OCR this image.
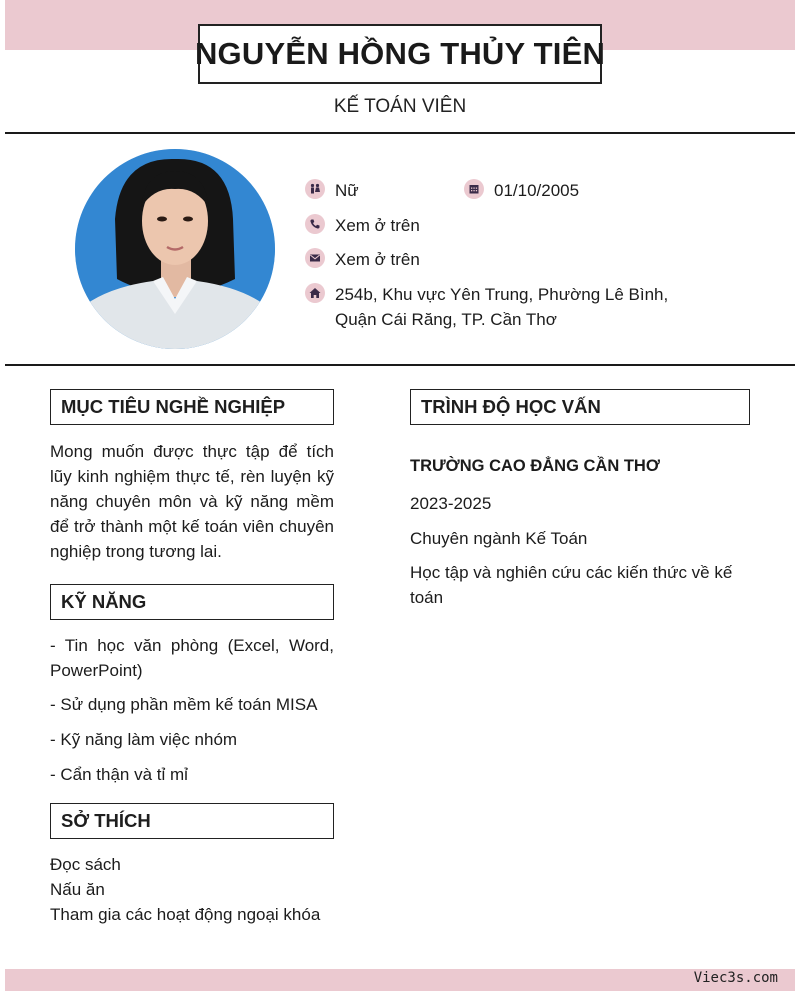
NGUYỄN HỒNG THỦY TIÊN
KẾ TOÁN VIÊN
Nữ	01/10/2005
Xem ở trên
Xem ở trên
254b, Khu vực Yên Trung, Phường Lê Bình,
Quận Cái Răng, TP. Cần Thơ
MỤC TIÊU NGHỀ NGHIỆP
Mong muốn được thực tập để tích lũy kinh nghiệm thực tế, rèn luyện kỹ năng chuyên môn và kỹ năng mềm để trở thành một kế toán viên chuyên nghiệp trong tương lai.
KỸ NĂNG
- Tin học văn phòng (Excel, Word, PowerPoint)
- Sử dụng phần mềm kế toán MISA
- Kỹ năng làm việc nhóm
- Cẩn thận và tỉ mỉ
SỞ THÍCH
Đọc sách
Nấu ăn
Tham gia các hoạt động ngoại khóa
TRÌNH ĐỘ HỌC VẤN
TRƯỜNG CAO ĐẲNG CẦN THƠ
2023-2025
Chuyên ngành Kế Toán
Học tập và nghiên cứu các kiến thức về kế toán
Viec3s.com
